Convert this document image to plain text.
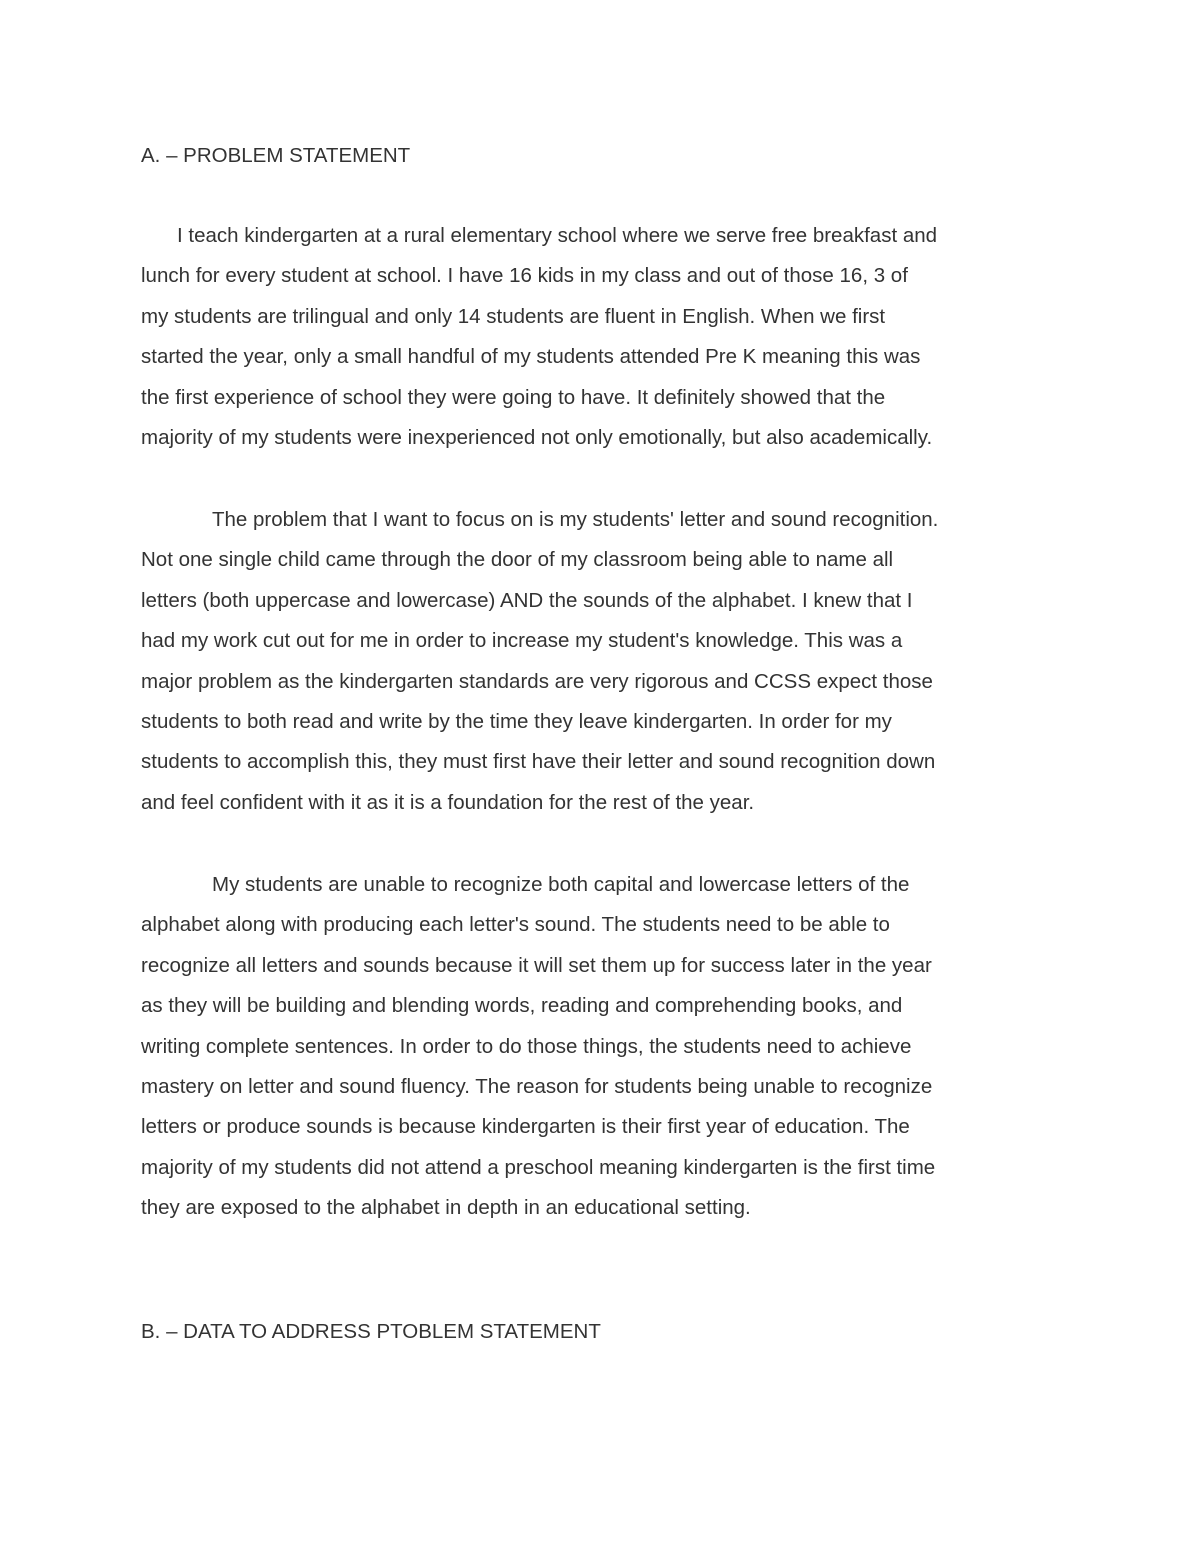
A. – PROBLEM STATEMENT
I teach kindergarten at a rural elementary school where we serve free breakfast and
lunch for every student at school. I have 16 kids in my class and out of those 16, 3 of
my students are trilingual and only 14 students are fluent in English. When we first
started the year, only a small handful of my students attended Pre K meaning this was
the first experience of school they were going to have. It definitely showed that the
majority of my students were inexperienced not only emotionally, but also academically.
The problem that I want to focus on is my students' letter and sound recognition.
Not one single child came through the door of my classroom being able to name all
letters (both uppercase and lowercase) AND the sounds of the alphabet. I knew that I
had my work cut out for me in order to increase my student's knowledge. This was a
major problem as the kindergarten standards are very rigorous and CCSS expect those
students to both read and write by the time they leave kindergarten. In order for my
students to accomplish this, they must first have their letter and sound recognition down
and feel confident with it as it is a foundation for the rest of the year.
My students are unable to recognize both capital and lowercase letters of the
alphabet along with producing each letter's sound. The students need to be able to
recognize all letters and sounds because it will set them up for success later in the year
as they will be building and blending words, reading and comprehending books, and
writing complete sentences. In order to do those things, the students need to achieve
mastery on letter and sound fluency. The reason for students being unable to recognize
letters or produce sounds is because kindergarten is their first year of education. The
majority of my students did not attend a preschool meaning kindergarten is the first time
they are exposed to the alphabet in depth in an educational setting.
B. – DATA TO ADDRESS PTOBLEM STATEMENT
